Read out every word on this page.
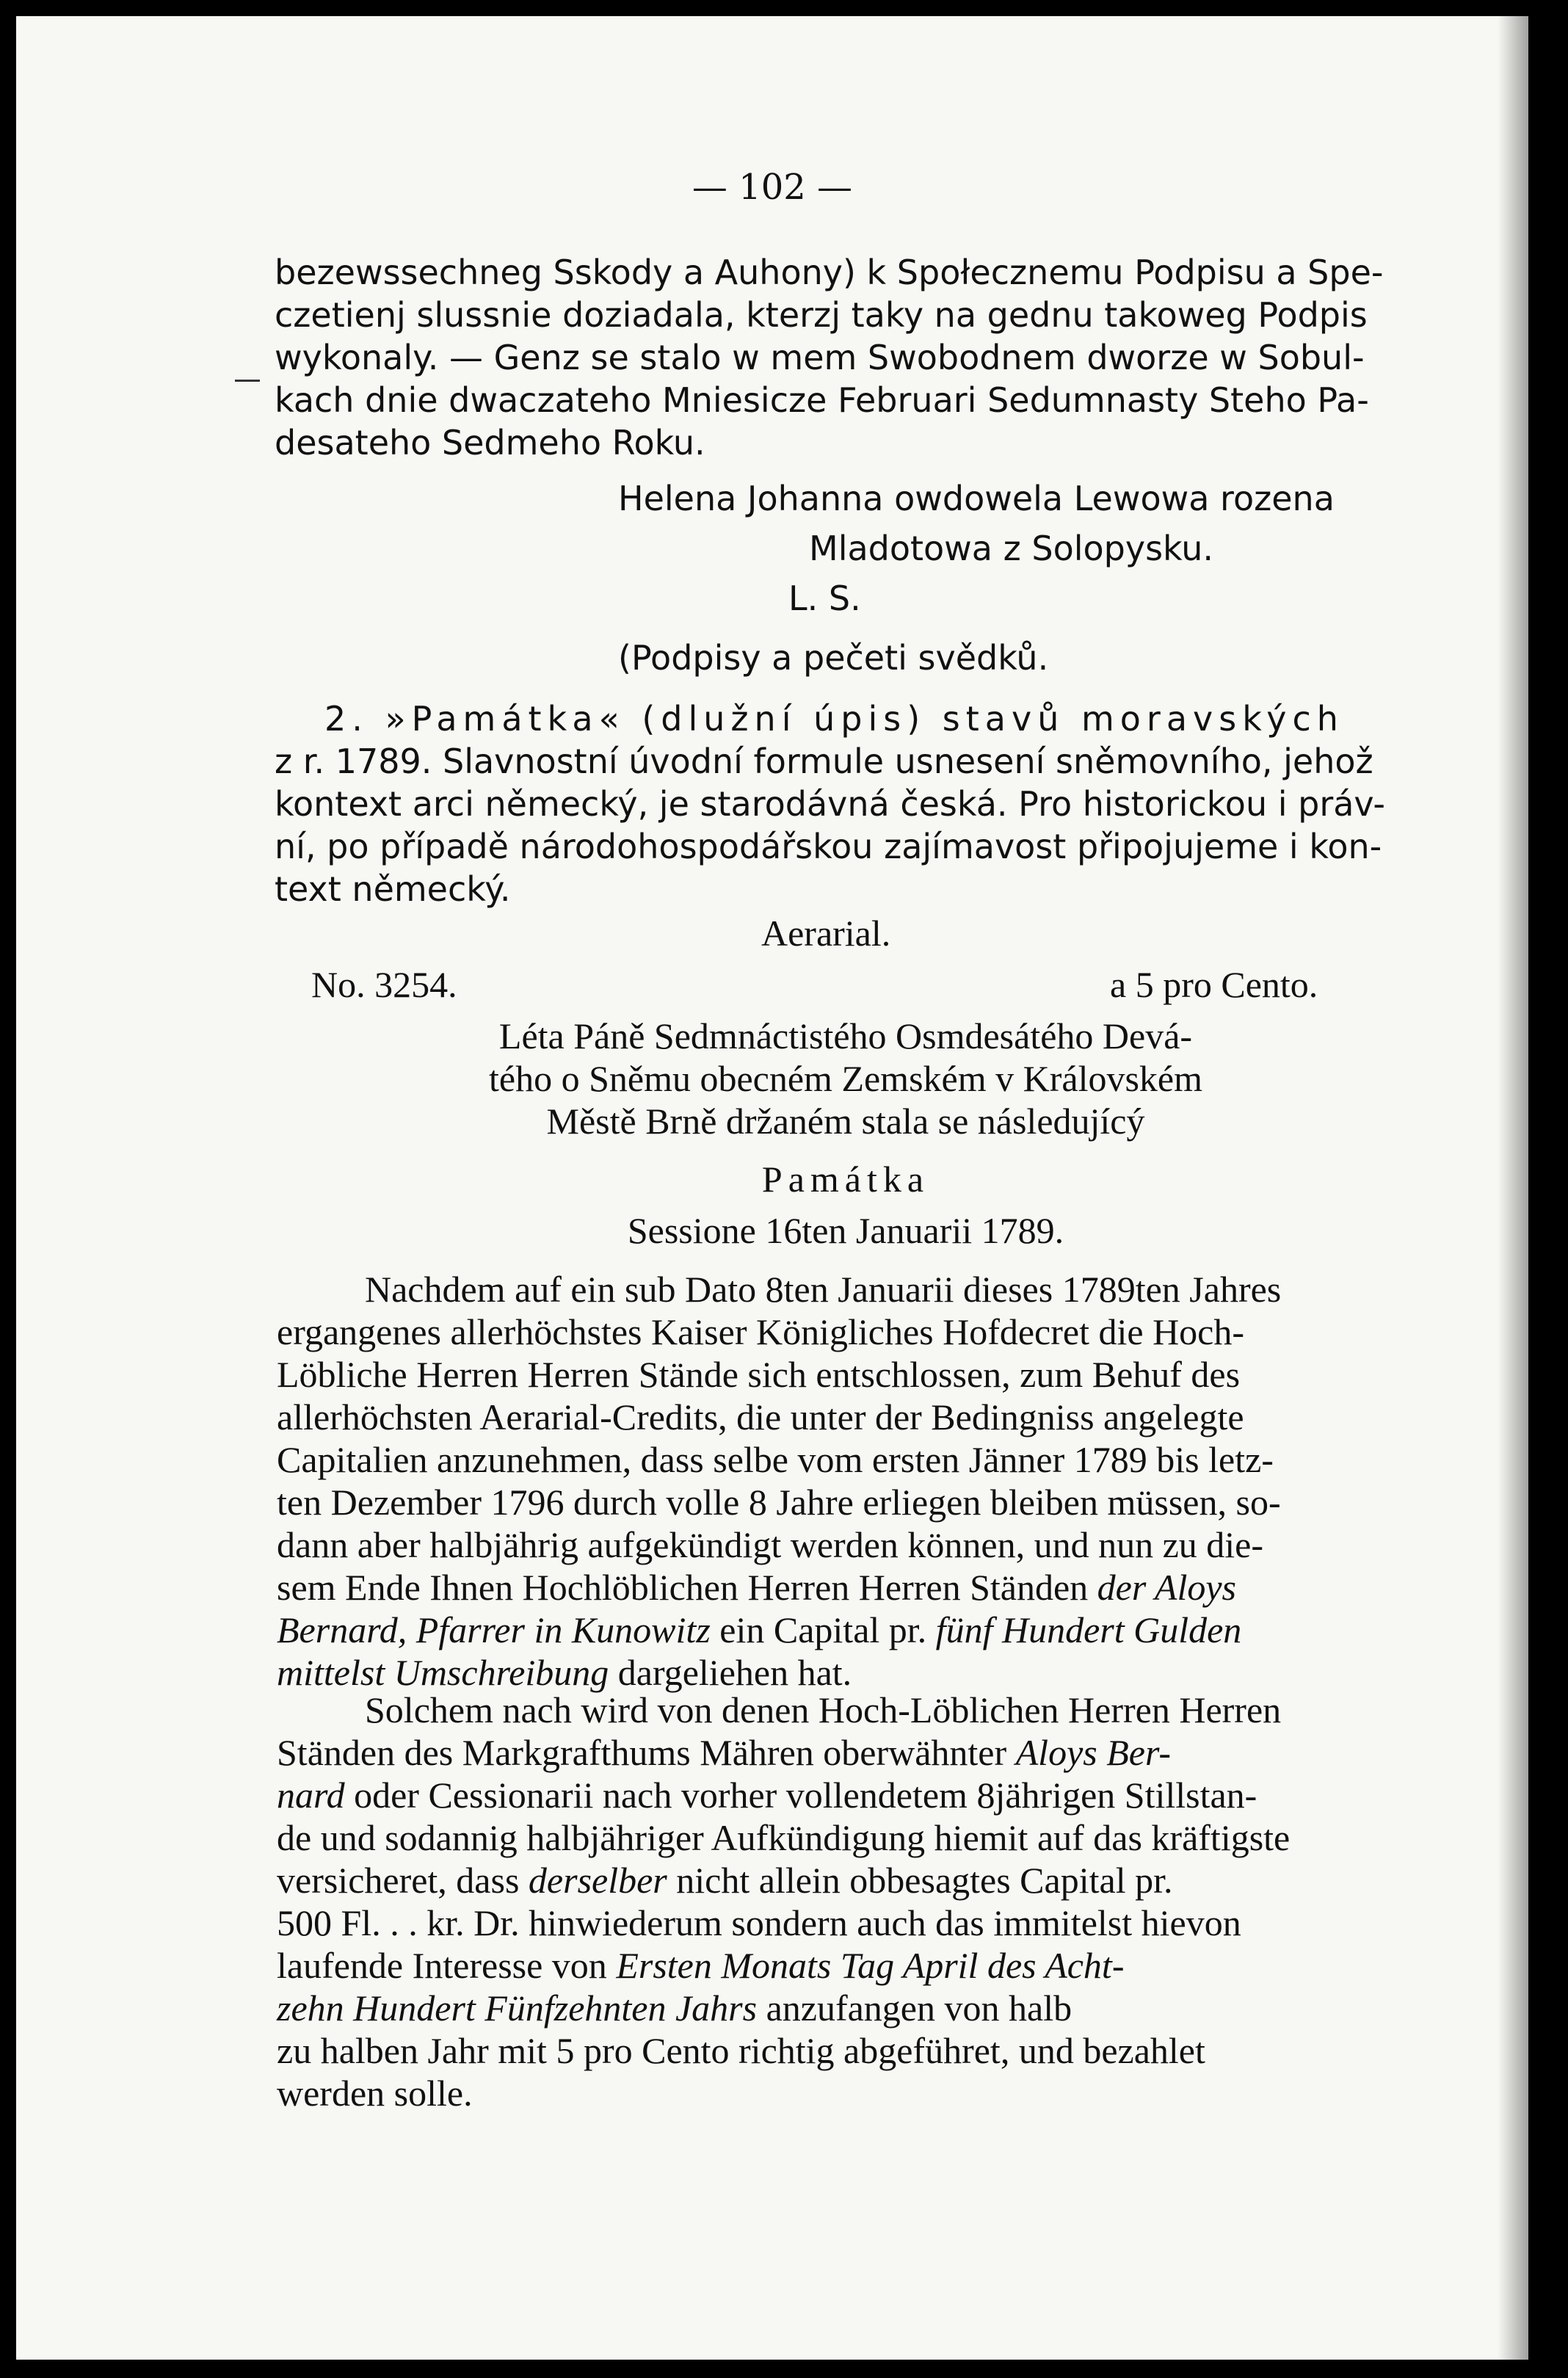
— 102 —
bezewssechneg Sskody a Auhony) k Społecznemu Podpisu a Spe-
czetienj slussnie doziadala, kterzj taky na gednu takoweg Podpis
wykonaly. — Genz se stalo w mem Swobodnem dworze w Sobul-
kach dnie dwaczateho Mniesicze Februari Sedumnasty Steho Pa-
desateho Sedmeho Roku.
Helena Johanna owdowela Lewowa rozena
Mladotowa z Solopysku.
L. S.
(Podpisy a pečeti svědků.
2. »Památka« (dlužní úpis) stavů moravských
z r. 1789. Slavnostní úvodní formule usnesení sněmovního, jehož
kontext arci německý, je starodávná česká. Pro historickou i práv-
ní, po případě národohospodářskou zajímavost připojujeme i kon-
text německý.
Aerarial.
No. 3254.	a 5 pro Cento.
Léta Páně Sedmnáctistého Osmdesátého Devá-
tého o Sněmu obecném Zemském v Královském
Městě Brně držaném stala se následujícý
Památka
Sessione 16ten Januarii 1789.
Nachdem auf ein sub Dato 8ten Januarii dieses 1789ten Jahres
ergangenes allerhöchstes Kaiser Königliches Hofdecret die Hoch-
Löbliche Herren Herren Stände sich entschlossen, zum Behuf des
allerhöchsten Aerarial-Credits, die unter der Bedingniss angelegte
Capitalien anzunehmen, dass selbe vom ersten Jänner 1789 bis letz-
ten Dezember 1796 durch volle 8 Jahre erliegen bleiben müssen, so-
dann aber halbjährig aufgekündigt werden können, und nun zu die-
sem Ende Ihnen Hochlöblichen Herren Herren Ständen der Aloys
Bernard, Pfarrer in Kunowitz ein Capital pr. fünf Hundert Gulden
mittelst Umschreibung dargeliehen hat.
Solchem nach wird von denen Hoch-Löblichen Herren Herren
Ständen des Markgrafthums Mähren oberwähnter Aloys Ber-
nard oder Cessionarii nach vorher vollendetem 8jährigen Stillstan-
de und sodannig halbjähriger Aufkündigung hiemit auf das kräftigste
versicheret, dass derselber nicht allein obbesagtes Capital pr.
500 Fl. . . kr. Dr. hinwiederum sondern auch das immitelst hievon
laufende Interesse von Ersten Monats Tag April des Acht-
zehn Hundert Fünfzehnten Jahrs anzufangen von halb
zu halben Jahr mit 5 pro Cento richtig abgeführet, und bezahlet
werden solle.
